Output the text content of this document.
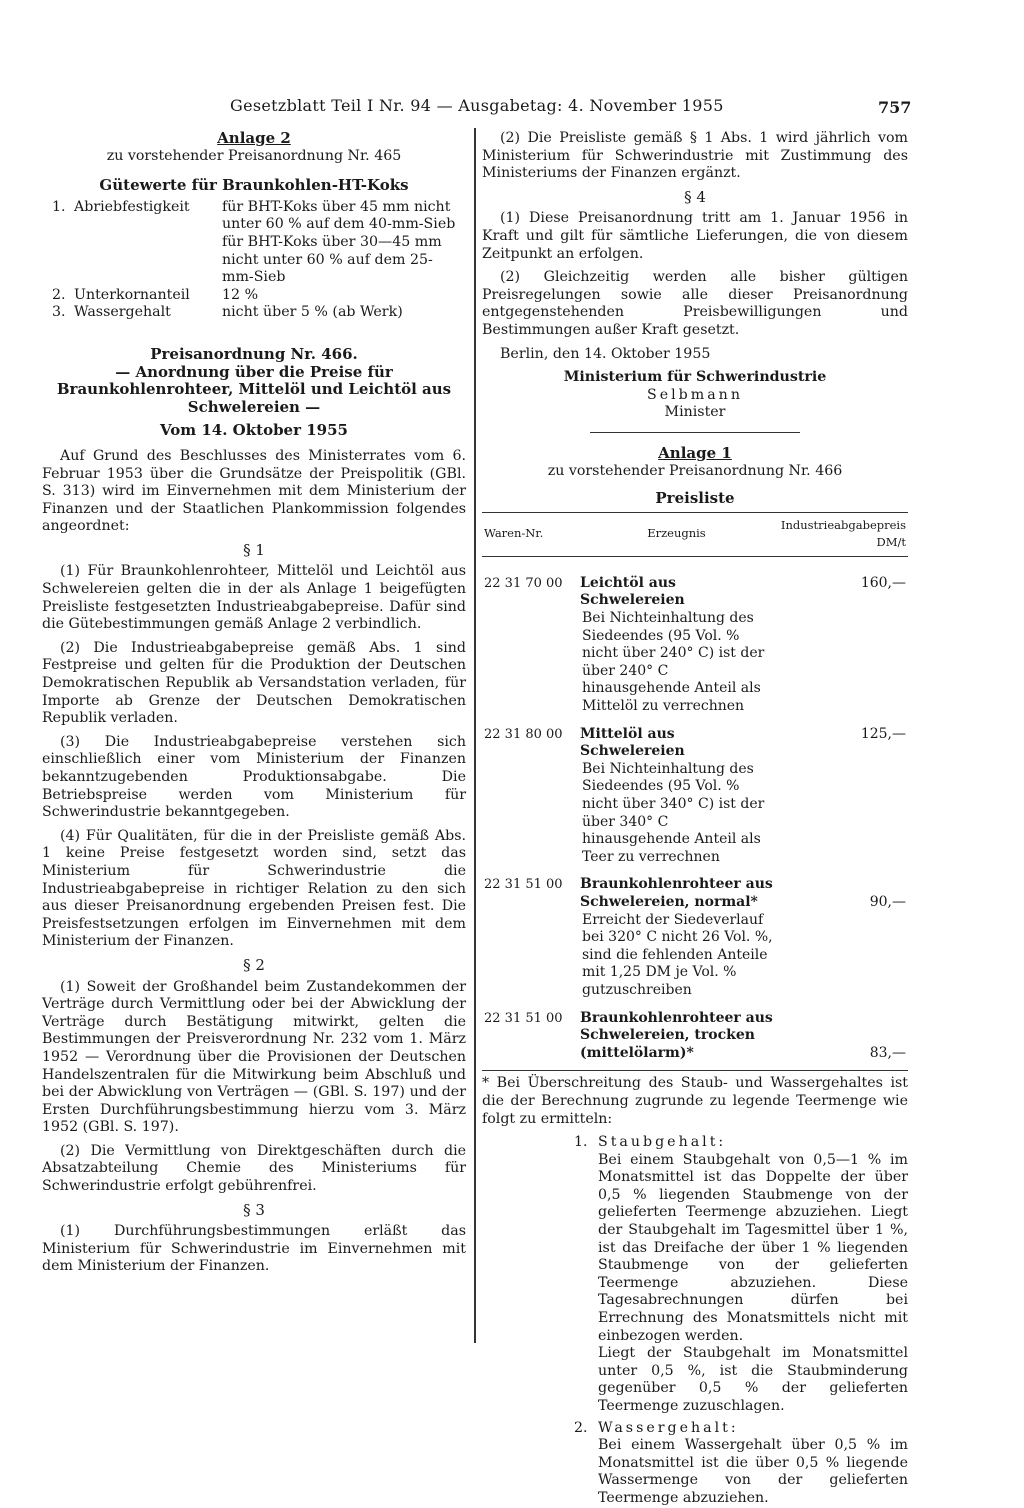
Gesetzblatt Teil I Nr. 94 — Ausgabetag: 4. November 1955	757
Anlage 2
zu vorstehender Preisanordnung Nr. 465
Gütewerte für Braunkohlen-HT-Koks
1. Abriebfestigkeit	für BHT-Koks über 45 mm nicht unter 60 % auf dem 40-mm-Sieb für BHT-Koks über 30—45 mm nicht unter 60 % auf dem 25-mm-Sieb
2. Unterkornanteil	12 %
3. Wassergehalt	nicht über 5 % (ab Werk)
Preisanordnung Nr. 466.
— Anordnung über die Preise für Braunkohlenrohteer, Mittelöl und Leichtöl aus Schwelereien —
Vom 14. Oktober 1955

Auf Grund des Beschlusses des Ministerrates vom 6. Februar 1953 über die Grundsätze der Preispolitik (GBl. S. 313) wird im Einvernehmen mit dem Ministerium der Finanzen und der Staatlichen Plankommission folgendes angeordnet:

§ 1

(1) Für Braunkohlenrohteer, Mittelöl und Leichtöl aus Schwelereien gelten die in der als Anlage 1 beigefügten Preisliste festgesetzten Industrieabgabepreise. Dafür sind die Gütebestimmungen gemäß Anlage 2 verbindlich.

(2) Die Industrieabgabepreise gemäß Abs. 1 sind Festpreise und gelten für die Produktion der Deutschen Demokratischen Republik ab Versandstation verladen, für Importe ab Grenze der Deutschen Demokratischen Republik verladen.

(3) Die Industrieabgabepreise verstehen sich einschließlich einer vom Ministerium der Finanzen bekanntzugebenden Produktionsabgabe. Die Betriebspreise werden vom Ministerium für Schwerindustrie bekanntgegeben.

(4) Für Qualitäten, für die in der Preisliste gemäß Abs. 1 keine Preise festgesetzt worden sind, setzt das Ministerium für Schwerindustrie die Industrieabgabepreise in richtiger Relation zu den sich aus dieser Preisanordnung ergebenden Preisen fest. Die Preisfestsetzungen erfolgen im Einvernehmen mit dem Ministerium der Finanzen.

§ 2

(1) Soweit der Großhandel beim Zustandekommen der Verträge durch Vermittlung oder bei der Abwicklung der Verträge durch Bestätigung mitwirkt, gelten die Bestimmungen der Preisverordnung Nr. 232 vom 1. März 1952 — Verordnung über die Provisionen der Deutschen Handelszentralen für die Mitwirkung beim Abschluß und bei der Abwicklung von Verträgen — (GBl. S. 197) und der Ersten Durchführungsbestimmung hierzu vom 3. März 1952 (GBl. S. 197).

(2) Die Vermittlung von Direktgeschäften durch die Absatzabteilung Chemie des Ministeriums für Schwerindustrie erfolgt gebührenfrei.

§ 3

(1) Durchführungsbestimmungen erläßt das Ministerium für Schwerindustrie im Einvernehmen mit dem Ministerium der Finanzen.

(2) Die Preisliste gemäß § 1 Abs. 1 wird jährlich vom Ministerium für Schwerindustrie mit Zustimmung des Ministeriums der Finanzen ergänzt.

§ 4

(1) Diese Preisanordnung tritt am 1. Januar 1956 in Kraft und gilt für sämtliche Lieferungen, die von diesem Zeitpunkt an erfolgen.

(2) Gleichzeitig werden alle bisher gültigen Preisregelungen sowie alle dieser Preisanordnung entgegenstehenden Preisbewilligungen und Bestimmungen außer Kraft gesetzt.

Berlin, den 14. Oktober 1955

Ministerium für Schwerindustrie
Selbmann
Minister
Anlage 1
zu vorstehender Preisanordnung Nr. 466
Preisliste
Waren-Nr.	Erzeugnis	Industrieabgabepreis DM/t
22 31 70 00	Leichtöl aus Schwelereien
Bei Nichteinhaltung des Siedeendes (95 Vol. % nicht über 240° C) ist der über 240° C hinausgehende Anteil als Mittelöl zu verrechnen	160,—
22 31 80 00	Mittelöl aus Schwelereien
Bei Nichteinhaltung des Siedeendes (95 Vol. % nicht über 340° C) ist der über 340° C hinausgehende Anteil als Teer zu verrechnen	125,—
22 31 51 00	Braunkohlenrohteer aus Schwelereien, normal*
Erreicht der Siedeverlauf bei 320° C nicht 26 Vol. %, sind die fehlenden Anteile mit 1,25 DM je Vol. % gutzuschreiben	90,—
22 31 51 00	Braunkohlenrohteer aus Schwelereien, trocken (mittelölarm)*	83,—

* Bei Überschreitung des Staub- und Wassergehaltes ist die der Berechnung zugrunde zu legende Teermenge wie folgt zu ermitteln:

1. Staubgehalt:
Bei einem Staubgehalt von 0,5—1 % im Monatsmittel ist das Doppelte der über 0,5 % liegenden Staubmenge von der gelieferten Teermenge abzuziehen. Liegt der Staubgehalt im Tagesmittel über 1 %, ist das Dreifache der über 1 % liegenden Staubmenge von der gelieferten Teermenge abzuziehen. Diese Tagesabrechnungen dürfen bei Errechnung des Monatsmittels nicht mit einbezogen werden.
Liegt der Staubgehalt im Monatsmittel unter 0,5 %, ist die Staubminderung gegenüber 0,5 % der gelieferten Teermenge zuzuschlagen.
2. Wassergehalt:
Bei einem Wassergehalt über 0,5 % im Monatsmittel ist die über 0,5 % liegende Wassermenge von der gelieferten Teermenge abzuziehen.
